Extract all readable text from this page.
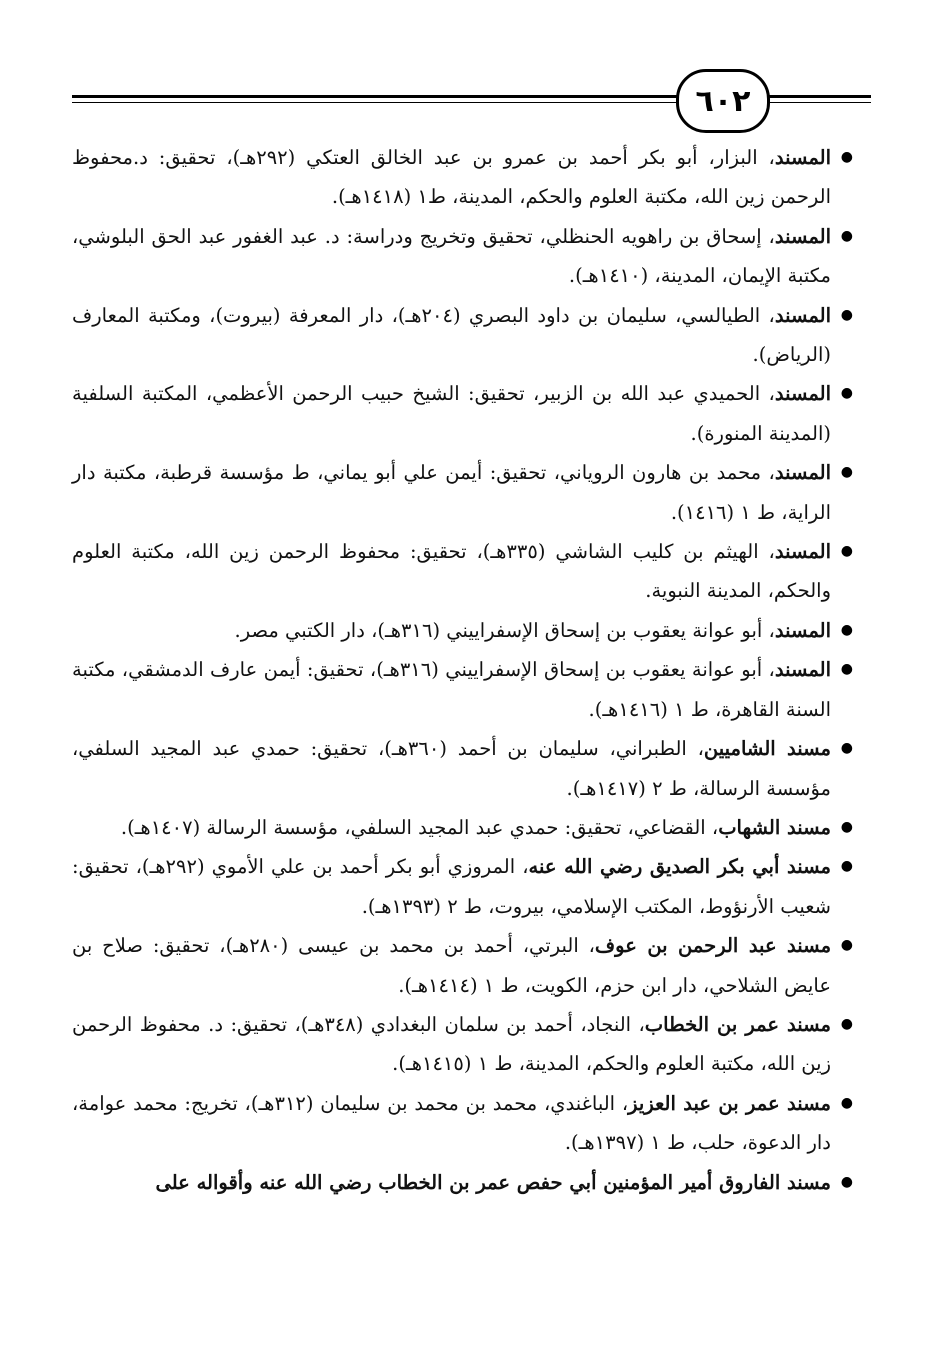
٦٠٢
●
المسند، البزار، أبو بكر أحمد بن عمرو بن عبد الخالق العتكي (٢٩٢هـ)، تحقيق: د.محفوظ الرحمن زين الله، مكتبة العلوم والحكم، المدينة، ط١ (١٤١٨هـ).
●
المسند، إسحاق بن راهويه الحنظلي، تحقيق وتخريج ودراسة: د. عبد الغفور عبد الحق البلوشي، مكتبة الإيمان، المدينة، (١٤١٠هـ).
●
المسند، الطيالسي، سليمان بن داود البصري (٢٠٤هـ)، دار المعرفة (بيروت)، ومكتبة المعارف (الرياض).
●
المسند، الحميدي عبد الله بن الزبير، تحقيق: الشيخ حبيب الرحمن الأعظمي، المكتبة السلفية (المدينة المنورة).
●
المسند، محمد بن هارون الروياني، تحقيق: أيمن علي أبو يماني، ط مؤسسة قرطبة، مكتبة دار الراية، ط ١ (١٤١٦).
●
المسند، الهيثم بن كليب الشاشي (٣٣٥هـ)، تحقيق: محفوظ الرحمن زين الله، مكتبة العلوم والحكم، المدينة النبوية.
●
المسند، أبو عوانة يعقوب بن إسحاق الإسفراييني (٣١٦هـ)، دار الكتبي مصر.
●
المسند، أبو عوانة يعقوب بن إسحاق الإسفراييني (٣١٦هـ)، تحقيق: أيمن عارف الدمشقي، مكتبة السنة القاهرة، ط ١ (١٤١٦هـ).
●
مسند الشاميين، الطبراني، سليمان بن أحمد (٣٦٠هـ)، تحقيق: حمدي عبد المجيد السلفي، مؤسسة الرسالة، ط ٢ (١٤١٧هـ).
●
مسند الشهاب، القضاعي، تحقيق: حمدي عبد المجيد السلفي، مؤسسة الرسالة (١٤٠٧هـ).
●
مسند أبي بكر الصديق رضي الله عنه، المروزي أبو بكر أحمد بن علي الأموي (٢٩٢هـ)، تحقيق: شعيب الأرنؤوط، المكتب الإسلامي، بيروت، ط ٢ (١٣٩٣هـ).
●
مسند عبد الرحمن بن عوف، البرتي، أحمد بن محمد بن عيسى (٢٨٠هـ)، تحقيق: صلاح بن عايض الشلاحي، دار ابن حزم، الكويت، ط ١ (١٤١٤هـ).
●
مسند عمر بن الخطاب، النجاد، أحمد بن سلمان البغدادي (٣٤٨هـ)، تحقيق: د. محفوظ الرحمن زين الله، مكتبة العلوم والحكم، المدينة، ط ١ (١٤١٥هـ).
●
مسند عمر بن عبد العزيز، الباغندي، محمد بن محمد بن سليمان (٣١٢هـ)، تخريج: محمد عوامة، دار الدعوة، حلب، ط ١ (١٣٩٧هـ).
●
مسند الفاروق أمير المؤمنين أبي حفص عمر بن الخطاب رضي الله عنه وأقواله على
